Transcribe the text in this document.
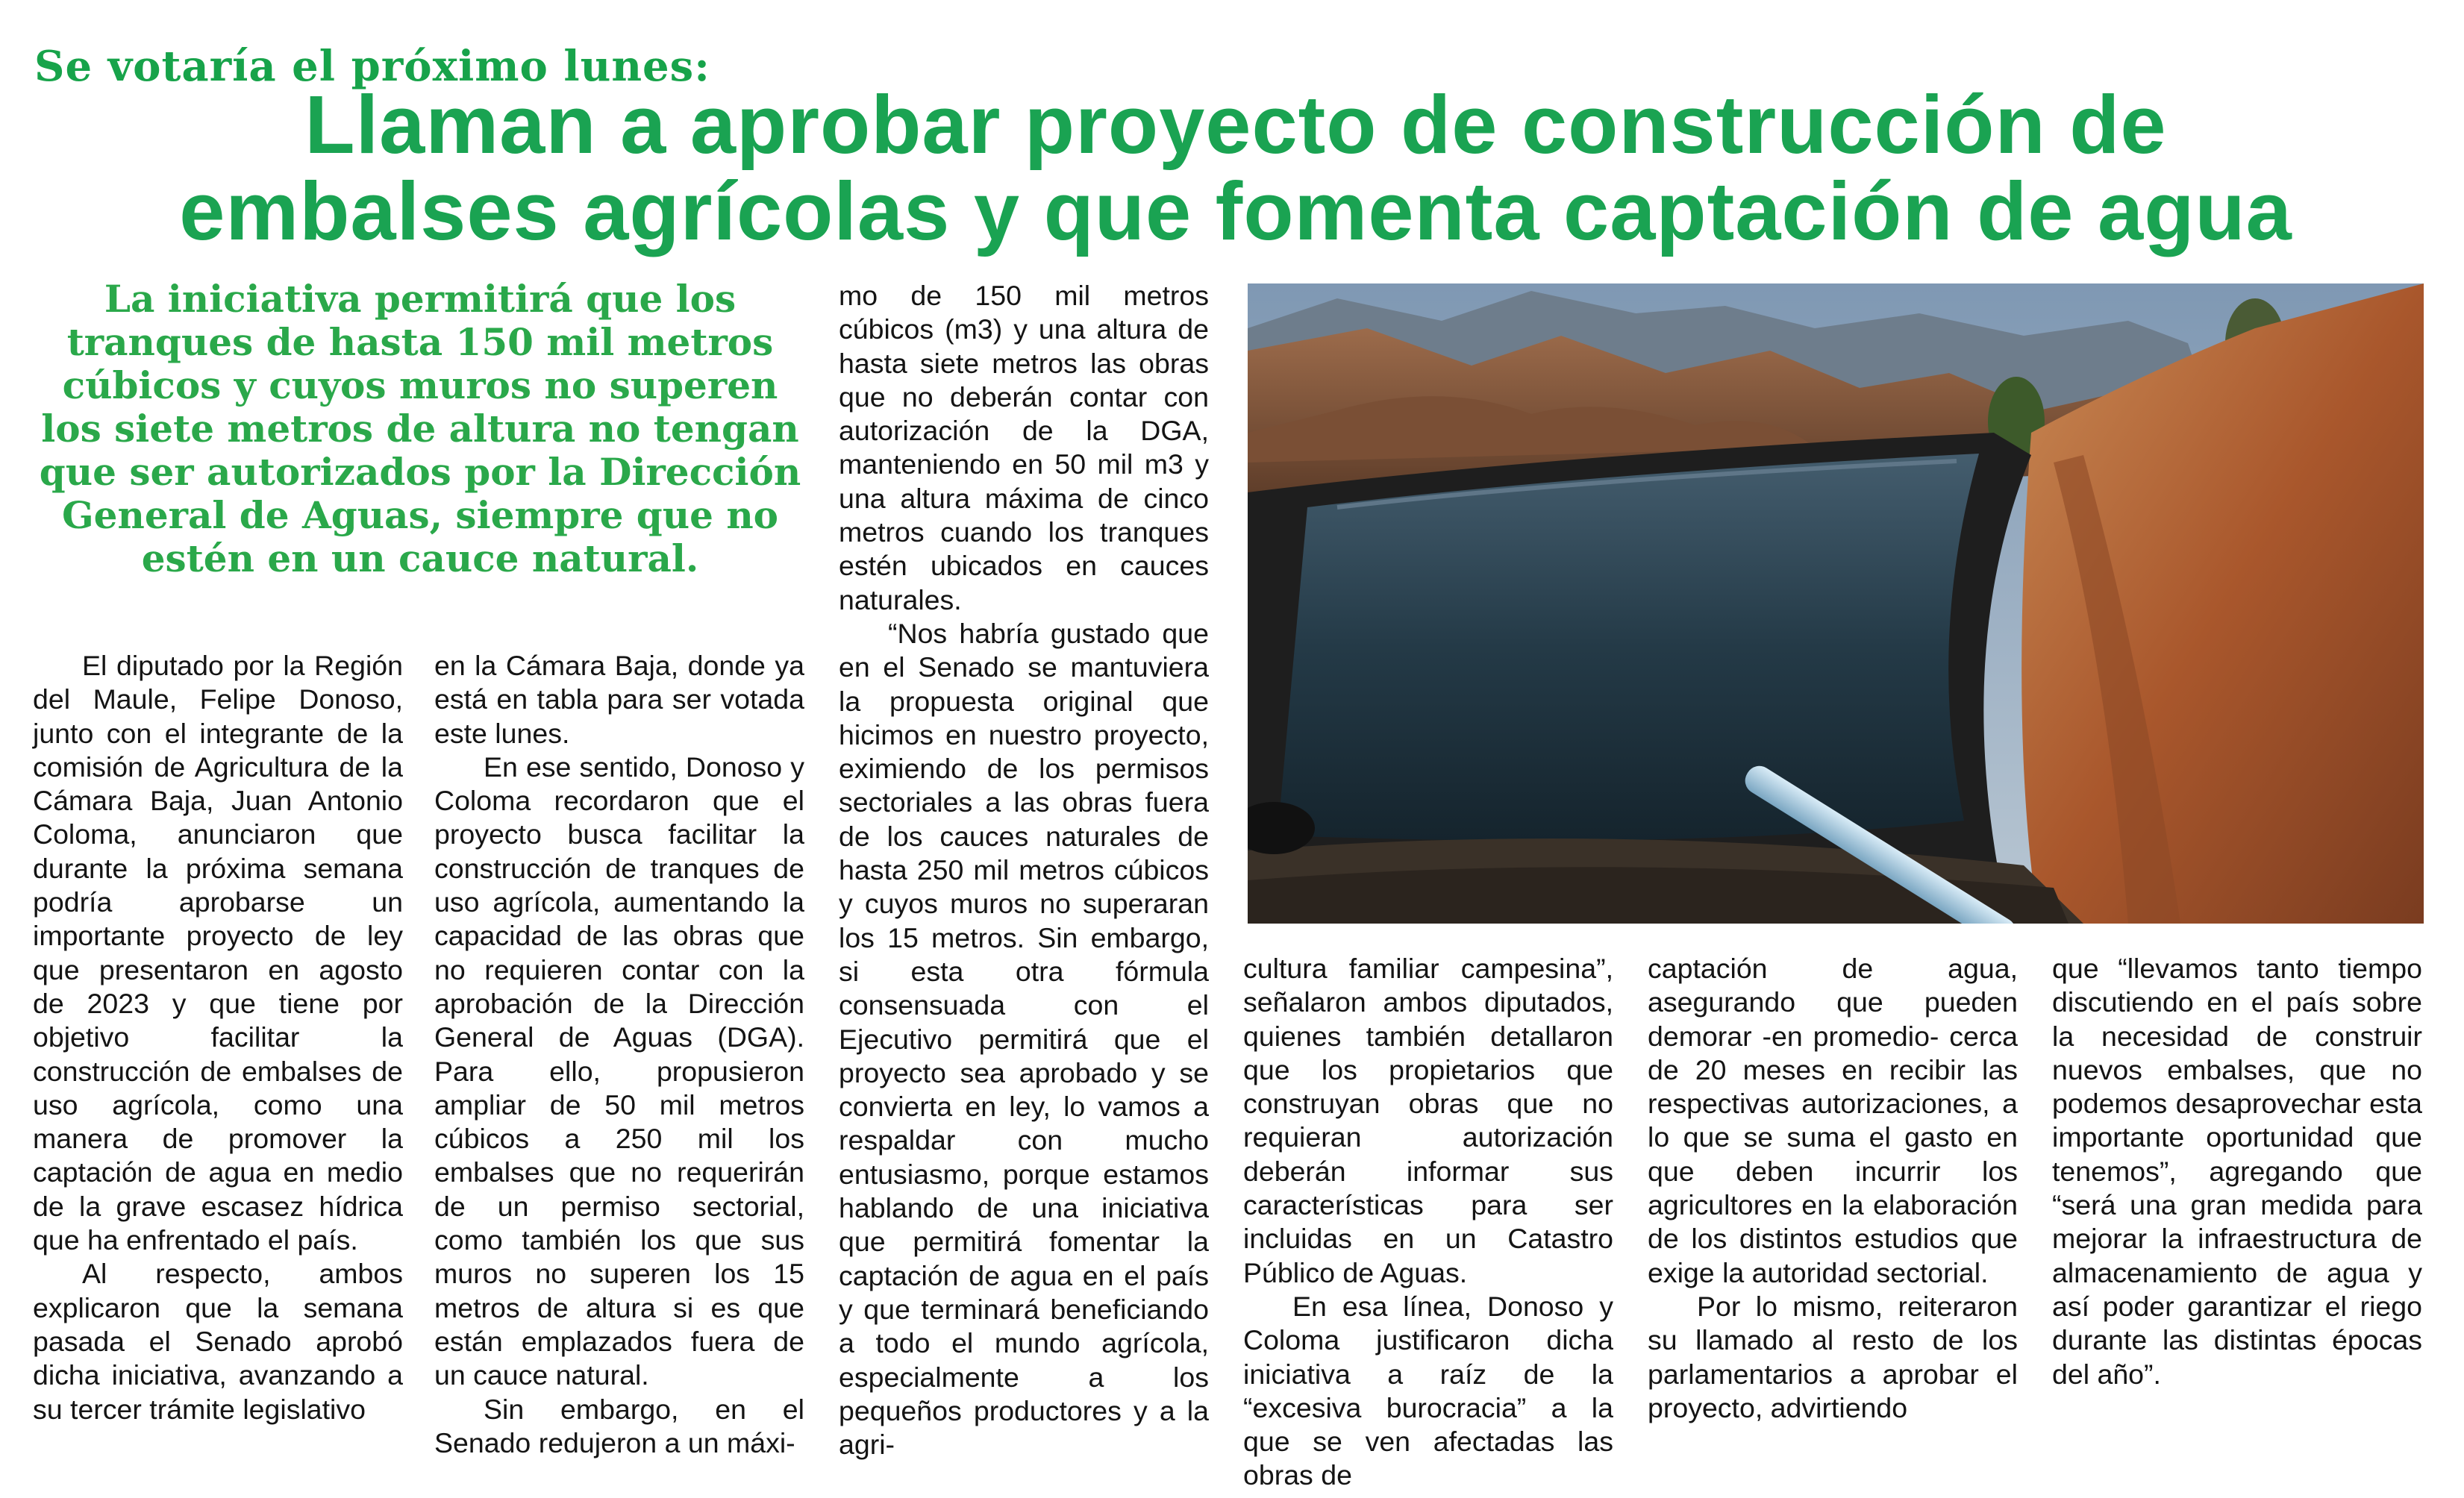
Se votaría el próximo lunes:
Llaman a aprobar proyecto de construcción de
embalses agrícolas y que fomenta captación de agua
La iniciativa permitirá que los tranques de hasta 150 mil metros cúbicos y cuyos muros no superen los siete metros de altura no tengan que ser autorizados por la Dirección General de Aguas, siempre que no estén en un cauce natural.

El diputado por la Región del Maule, Felipe Donoso, junto con el integrante de la comisión de Agricultura de la Cámara Baja, Juan Antonio Coloma, anunciaron que durante la próxima semana podría aprobarse un importante proyecto de ley que presentaron en agosto de 2023 y que tiene por objetivo facilitar la construcción de embalses de uso agrícola, como una manera de promover la captación de agua en medio de la grave escasez hídrica que ha enfrentado el país.

Al respecto, ambos explicaron que la semana pasada el Senado aprobó dicha iniciativa, avanzando a su tercer trámite legislativo

en la Cámara Baja, donde ya está en tabla para ser votada este lunes.

En ese sentido, Donoso y Coloma recordaron que el proyecto busca facilitar la construcción de tranques de uso agrícola, aumentando la capacidad de las obras que no requieren contar con la aprobación de la Dirección General de Aguas (DGA). Para ello, propusieron ampliar de 50 mil metros cúbicos a 250 mil los embalses que no requerirán de un permiso sectorial, como también los que sus muros no superen los 15 metros de altura si es que están emplazados fuera de un cauce natural.

Sin embargo, en el Senado redujeron a un máxi-

mo de 150 mil metros cúbicos (m3) y una altura de hasta siete metros las obras que no deberán contar con autorización de la DGA, manteniendo en 50 mil m3 y una altura máxima de cinco metros cuando los tranques estén ubicados en cauces naturales.

“Nos habría gustado que en el Senado se mantuviera la propuesta original que hicimos en nuestro proyecto, eximiendo de los permisos sectoriales a las obras fuera de los cauces naturales de hasta 250 mil metros cúbicos y cuyos muros no superaran los 15 metros. Sin embargo, si esta otra fórmula consensuada con el Ejecutivo permitirá que el proyecto sea aprobado y se convierta en ley, lo vamos a respaldar con mucho entusiasmo, porque estamos hablando de una iniciativa que permitirá fomentar la captación de agua en el país y que terminará beneficiando a todo el mundo agrícola, especialmente a los pequeños productores y a la agri-

cultura familiar campesina”, señalaron ambos diputados, quienes también detallaron que los propietarios que construyan obras que no requieran autorización deberán informar sus características para ser incluidas en un Catastro Público de Aguas.

En esa línea, Donoso y Coloma justificaron dicha iniciativa a raíz de la “excesiva burocracia” a la que se ven afectadas las obras de

captación de agua, asegurando que pueden demorar -en promedio- cerca de 20 meses en recibir las respectivas autorizaciones, a lo que se suma el gasto en que deben incurrir los agricultores en la elaboración de los distintos estudios que exige la autoridad sectorial.

Por lo mismo, reiteraron su llamado al resto de los parlamentarios a aprobar el proyecto, advirtiendo

que “llevamos tanto tiempo discutiendo en el país sobre la necesidad de construir nuevos embalses, que no podemos desaprovechar esta importante oportunidad que tenemos”, agregando que “será una gran medida para mejorar la infraestructura de almacenamiento de agua y así poder garantizar el riego durante las distintas épocas del año”.
